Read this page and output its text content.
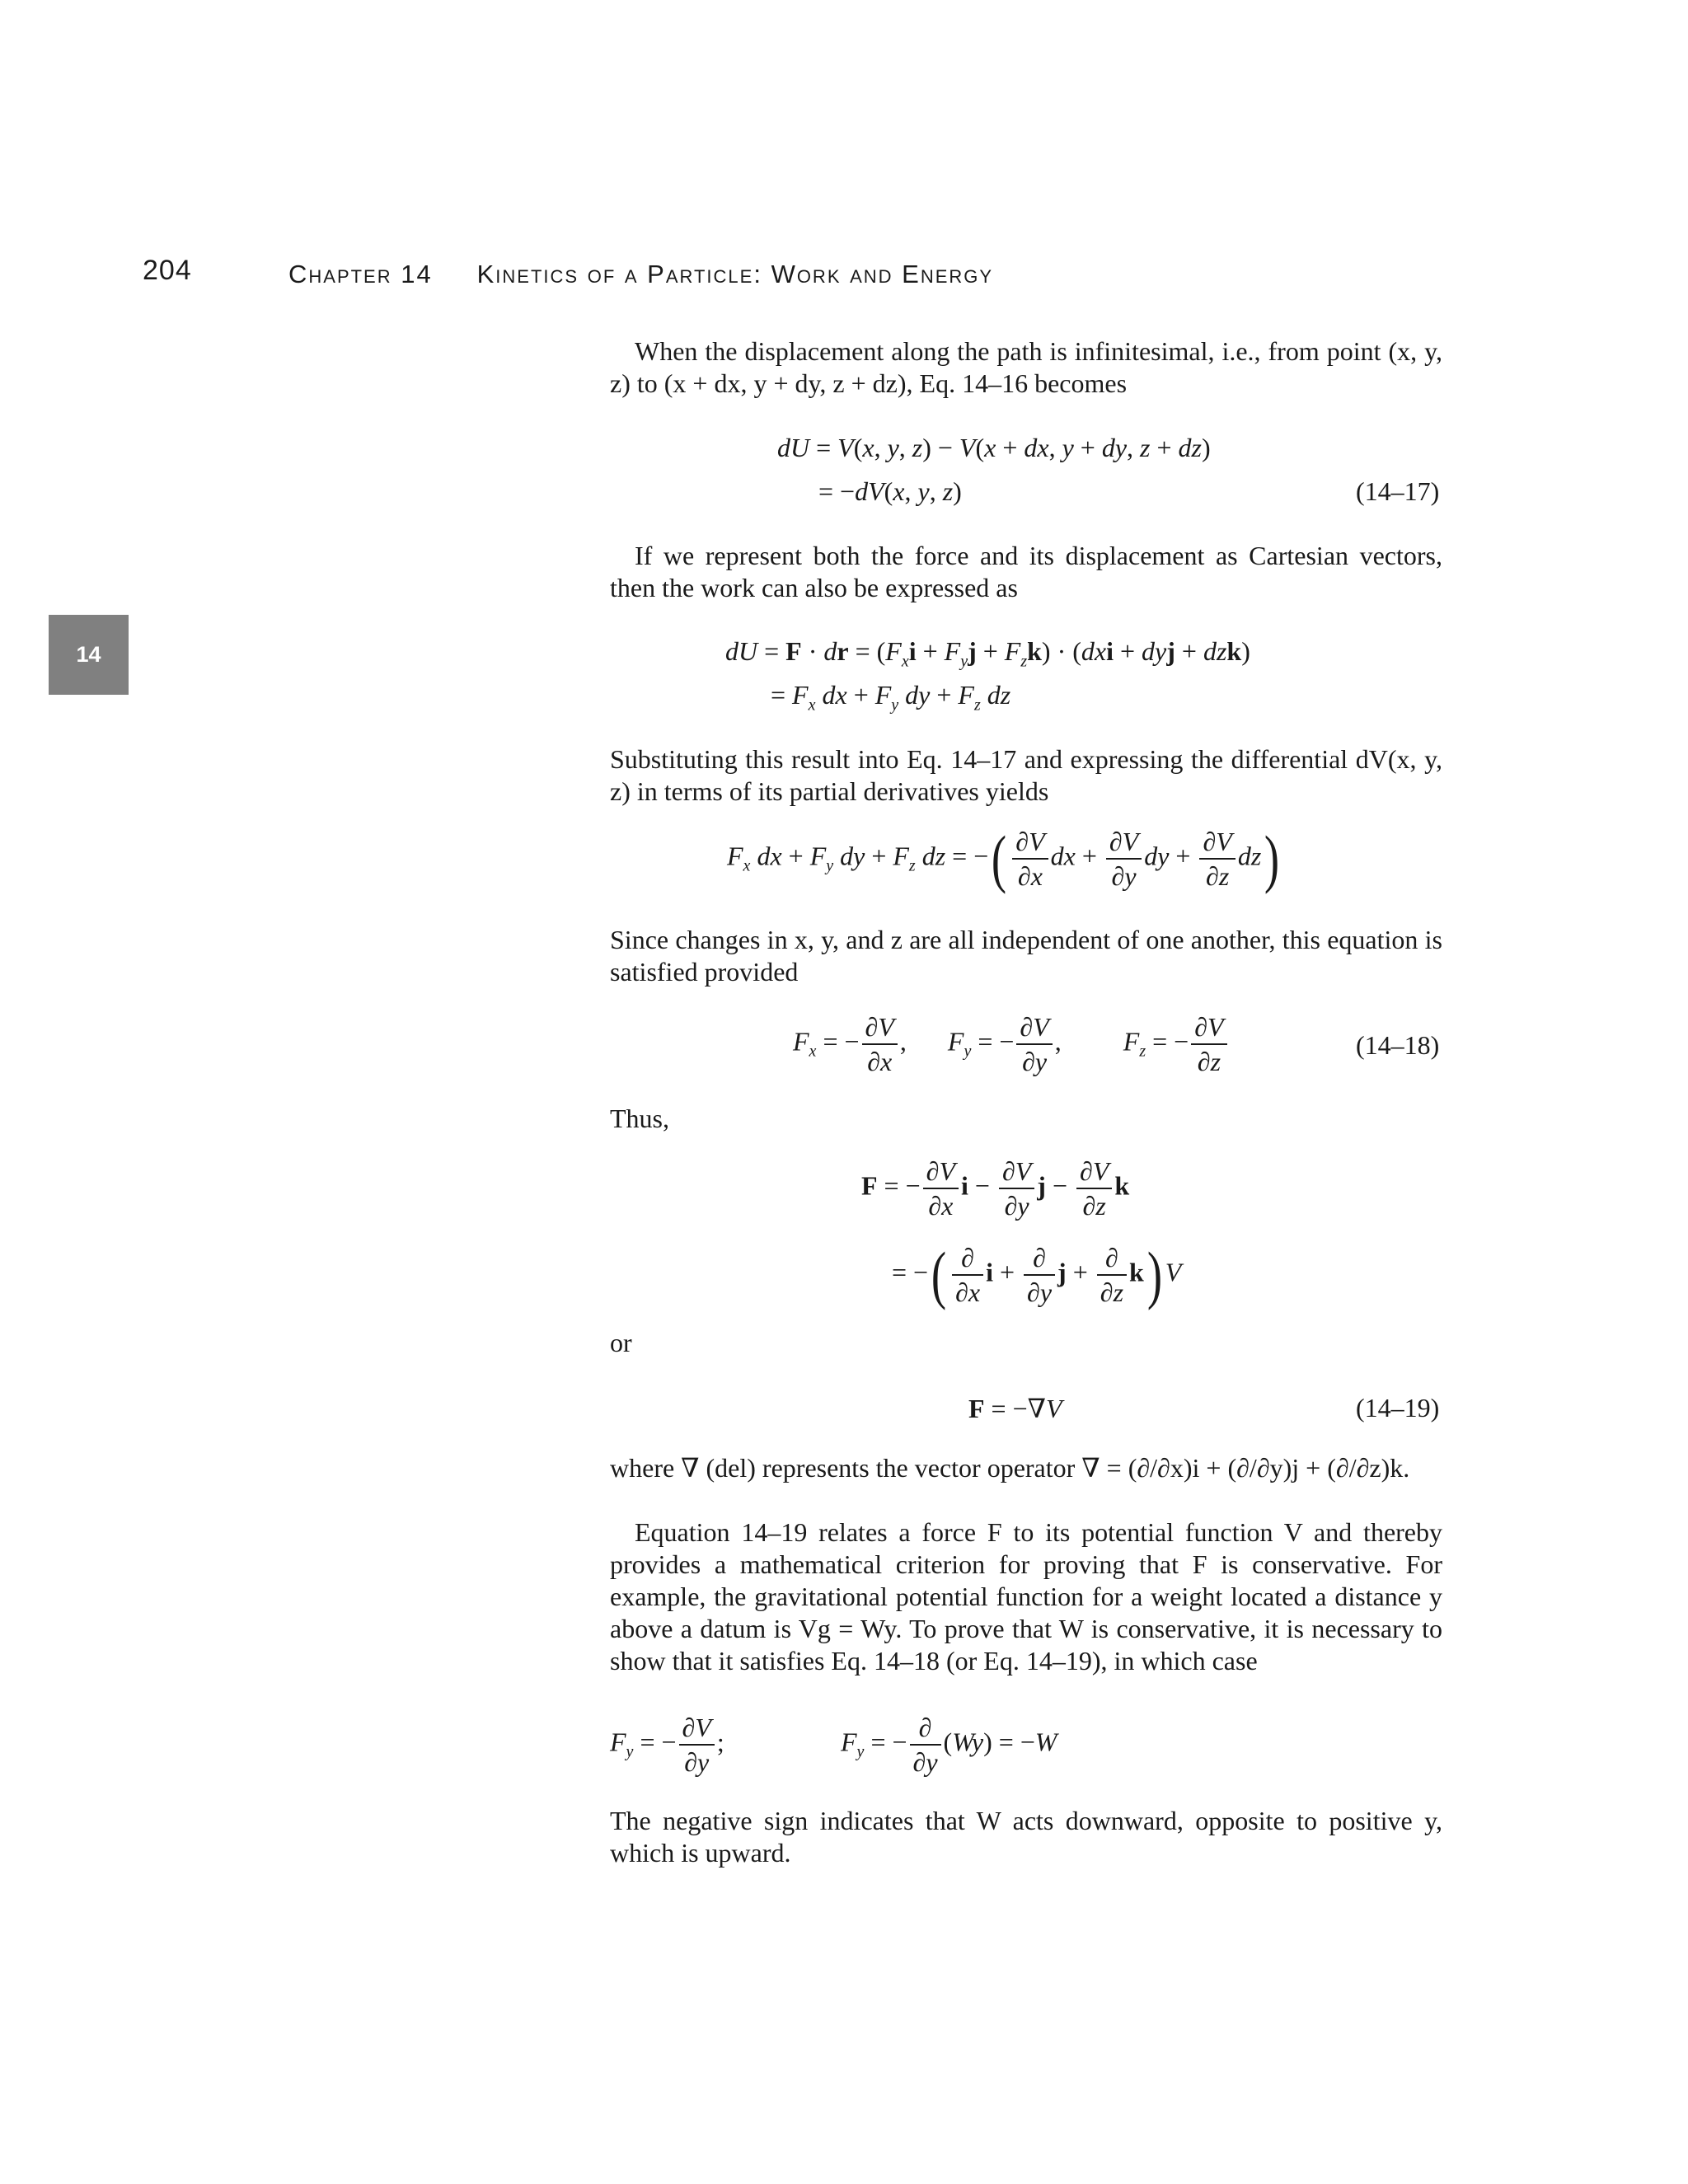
204	Chapter 14 Kinetics of a Particle: Work and Energy
14
When the displacement along the path is infinitesimal, i.e., from point (x, y, z) to (x + dx, y + dy, z + dz), Eq. 14–16 becomes
dU = V(x, y, z) − V(x + dx, y + dy, z + dz)
= −dV(x, y, z)	(14–17)
If we represent both the force and its displacement as Cartesian vectors, then the work can also be expressed as
dU = F · dr = $(F_xi + F_yj + F_zk) \cdot (dxi$ + dyj + dzk)
= $F_x$ dx + $F_y$ dy + $F_z$ dz
Substituting this result into Eq. 14–17 and expressing the differential dV(x, y, z) in terms of its partial derivatives yields
$F_x$ dx + $F_y$ dy + $F_z$ dz = −( $\frac{\partial V}{\partial x}$ dx + $\frac{\partial V}{\partial y}$ dy + $\frac{\partial V}{\partial z} dz$)
Since changes in x, y, and z are all independent of one another, this equation is satisfied provided
$F_x$ = − $\frac{\partial V}{\partial x}$ , $F_y$ = − $\frac{\partial V}{\partial y}$ , $F_z$ = − $\frac{\partial V}{\partial z}$	(14–18)
Thus,
F = − $\frac{\partial V}{\partial x}$ $i - \frac{\partial V}{\partial y}$ $j - \frac{\partial V}{\partial z}$ k
= −( $\frac{\partial}{\partial x}$ $i + \frac{\partial}{\partial y}$ $j + \frac{\partial}{\partial z} k$) V
or
F = −∇V	(14–19)
where ∇ (del) represents the vector operator ∇ = (∂/∂x)i + (∂/∂y)j + (∂/∂z)k.
Equation 14–19 relates a force F to its potential function V and thereby provides a mathematical criterion for proving that F is conservative. For example, the gravitational potential function for a weight located a distance y above a datum is Vg = Wy. To prove that W is conservative, it is necessary to show that it satisfies Eq. 14–18 (or Eq. 14–19), in which case
$F_y$ = − $\frac{\partial V}{\partial y}$ ;	$F_y$ = − $\frac{\partial}{\partial y} (Wy) = -W$
The negative sign indicates that W acts downward, opposite to positive y, which is upward.
